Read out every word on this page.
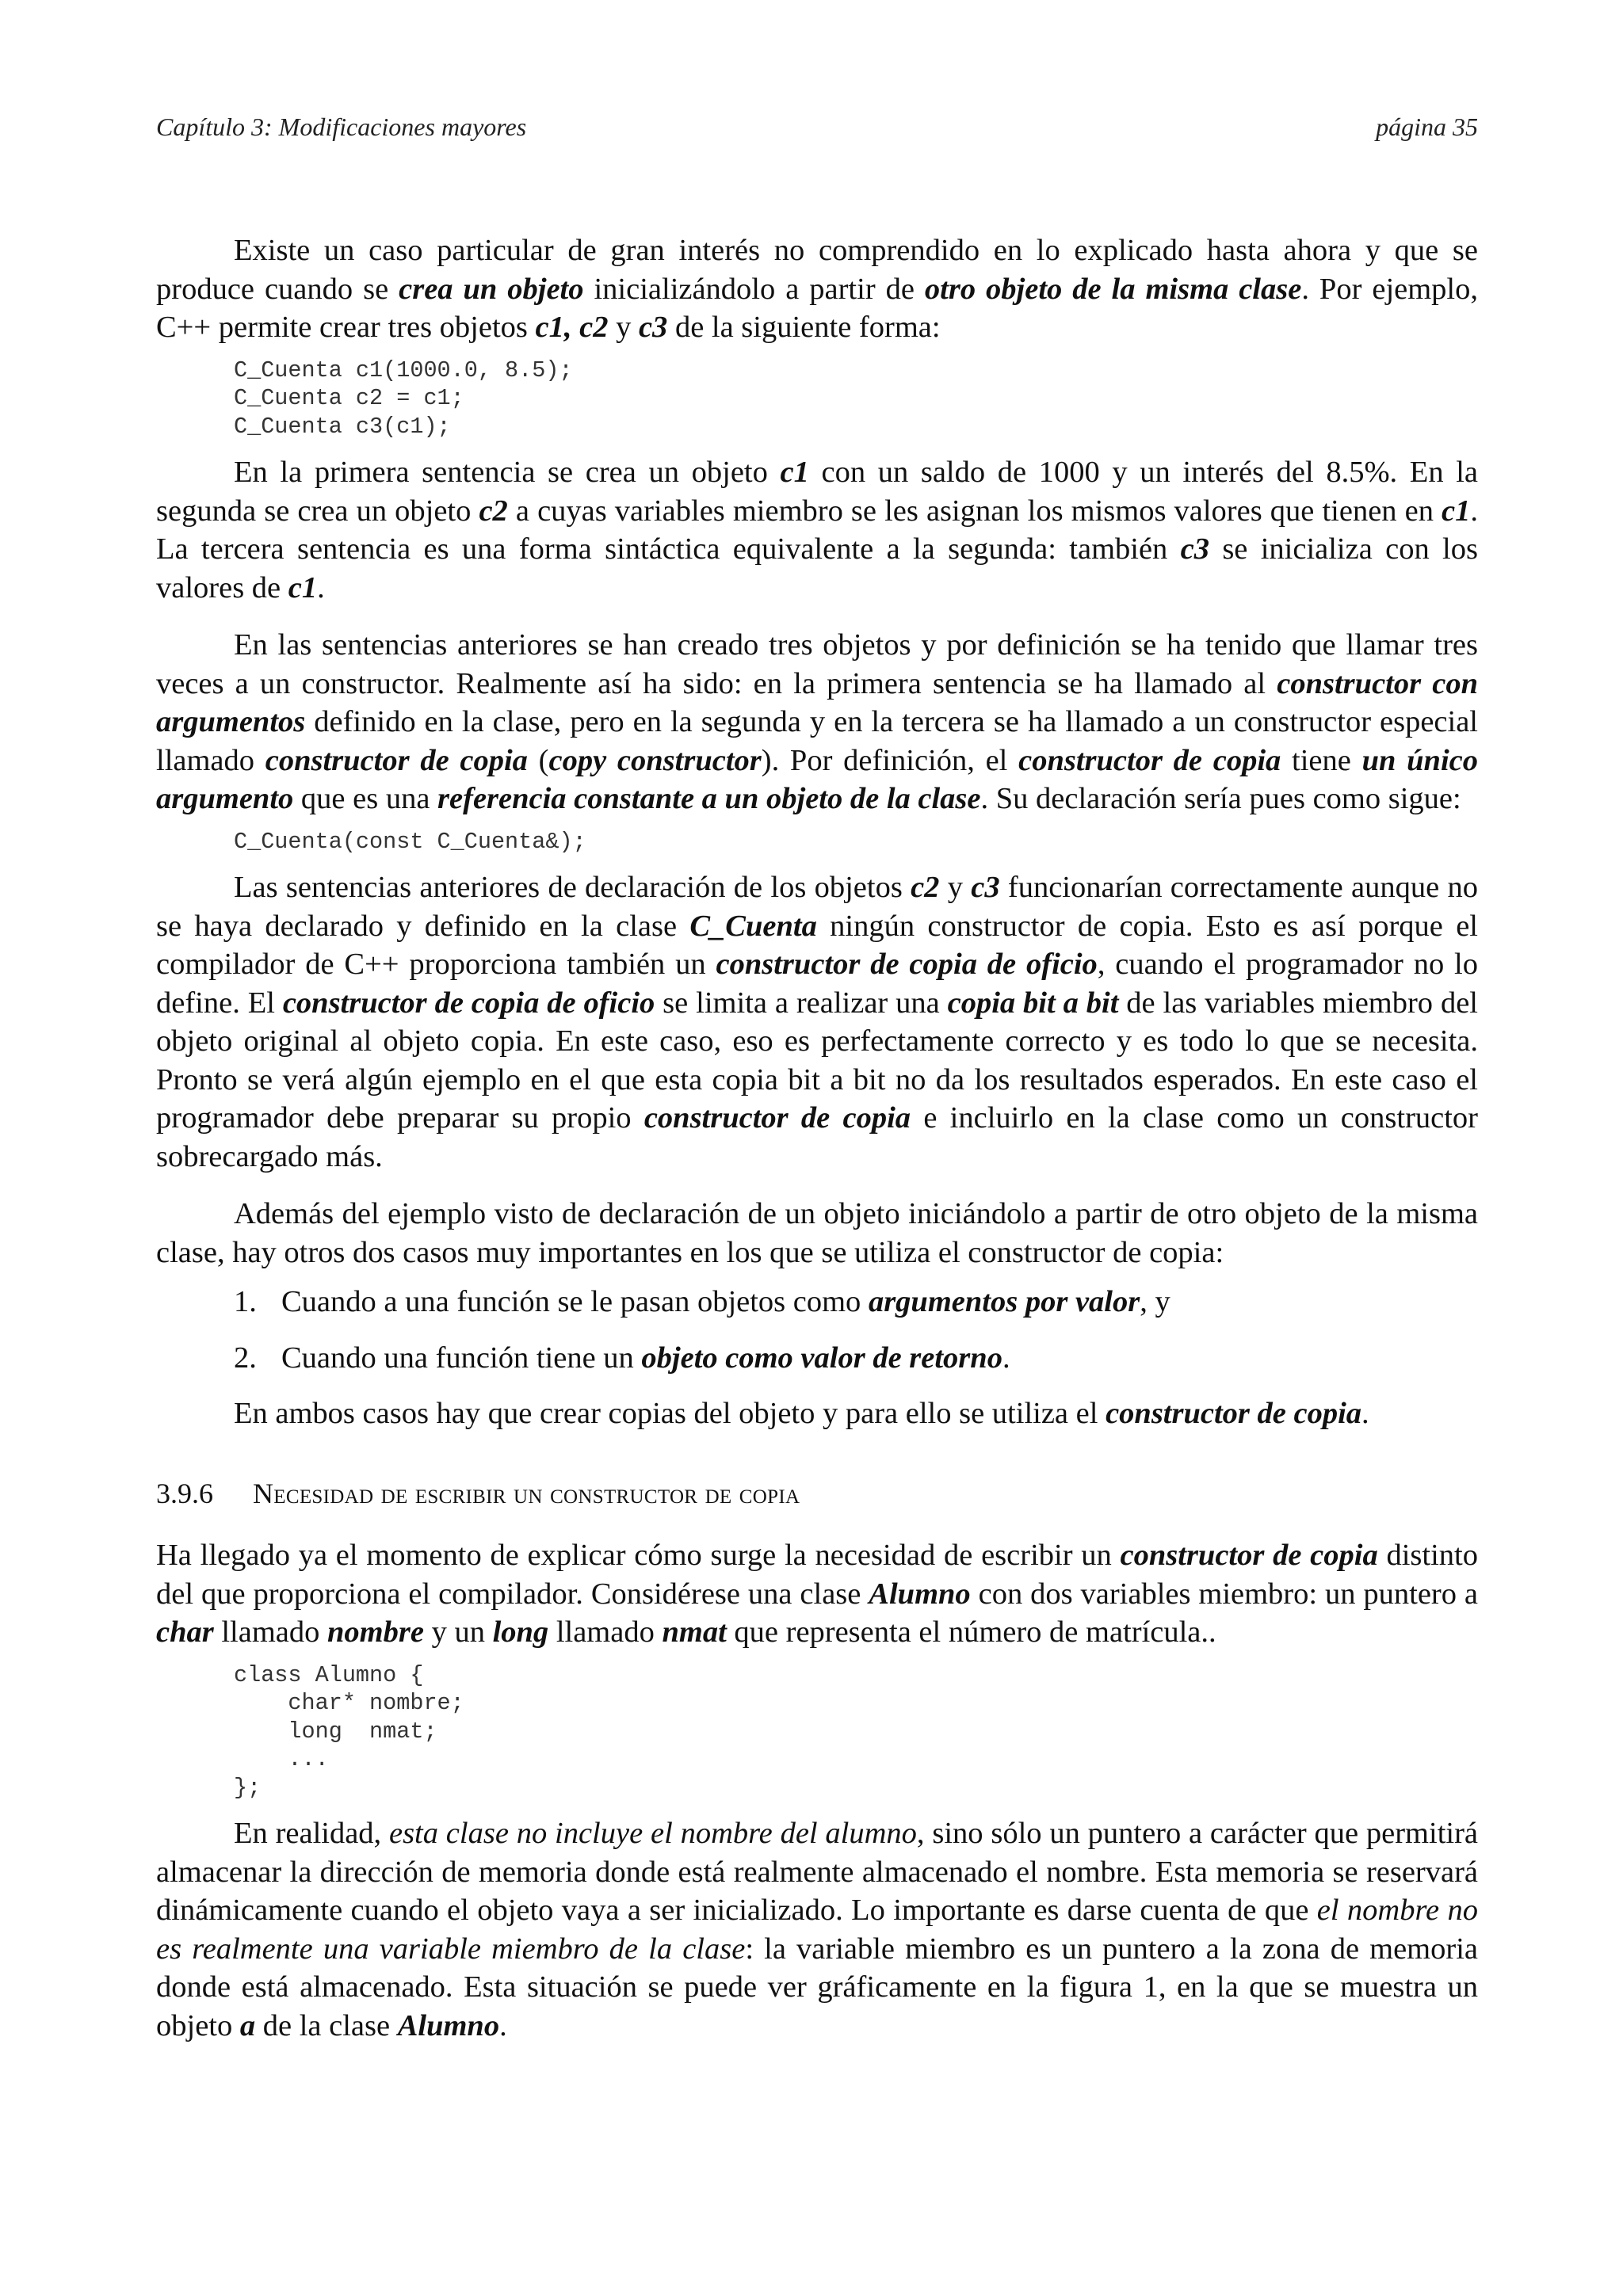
Capítulo 3: Modificaciones mayores	página 35

Existe un caso particular de gran interés no comprendido en lo explicado hasta ahora y que se produce cuando se crea un objeto inicializándolo a partir de otro objeto de la misma clase. Por ejemplo, C++ permite crear tres objetos c1, c2 y c3 de la siguiente forma:

C_Cuenta c1(1000.0, 8.5);
C_Cuenta c2 = c1;
C_Cuenta c3(c1);

En la primera sentencia se crea un objeto c1 con un saldo de 1000 y un interés del 8.5%. En la segunda se crea un objeto c2 a cuyas variables miembro se les asignan los mismos valores que tienen en c1. La tercera sentencia es una forma sintáctica equivalente a la segunda: también c3 se inicializa con los valores de c1.

En las sentencias anteriores se han creado tres objetos y por definición se ha tenido que llamar tres veces a un constructor. Realmente así ha sido: en la primera sentencia se ha llamado al constructor con argumentos definido en la clase, pero en la segunda y en la tercera se ha llamado a un constructor especial llamado constructor de copia (copy constructor). Por definición, el constructor de copia tiene un único argumento que es una referencia constante a un objeto de la clase. Su declaración sería pues como sigue:

C_Cuenta(const C_Cuenta&);

Las sentencias anteriores de declaración de los objetos c2 y c3 funcionarían correctamente aunque no se haya declarado y definido en la clase C_Cuenta ningún constructor de copia. Esto es así porque el compilador de C++ proporciona también un constructor de copia de oficio, cuando el programador no lo define. El constructor de copia de oficio se limita a realizar una copia bit a bit de las variables miembro del objeto original al objeto copia. En este caso, eso es perfectamente correcto y es todo lo que se necesita. Pronto se verá algún ejemplo en el que esta copia bit a bit no da los resultados esperados. En este caso el programador debe preparar su propio constructor de copia e incluirlo en la clase como un constructor sobrecargado más.

Además del ejemplo visto de declaración de un objeto iniciándolo a partir de otro objeto de la misma clase, hay otros dos casos muy importantes en los que se utiliza el constructor de copia:

1. Cuando a una función se le pasan objetos como argumentos por valor, y
2. Cuando una función tiene un objeto como valor de retorno.

En ambos casos hay que crear copias del objeto y para ello se utiliza el constructor de copia.

3.9.6	Necesidad de escribir un constructor de copia

Ha llegado ya el momento de explicar cómo surge la necesidad de escribir un constructor de copia distinto del que proporciona el compilador. Considérese una clase Alumno con dos variables miembro: un puntero a char llamado nombre y un long llamado nmat que representa el número de matrícula..

class Alumno {
char* nombre;
long  nmat;
...
};

En realidad, esta clase no incluye el nombre del alumno, sino sólo un puntero a carácter que permitirá almacenar la dirección de memoria donde está realmente almacenado el nombre. Esta memoria se reservará dinámicamente cuando el objeto vaya a ser inicializado. Lo importante es darse cuenta de que el nombre no es realmente una variable miembro de la clase: la variable miembro es un puntero a la zona de memoria donde está almacenado. Esta situación se puede ver gráficamente en la figura 1, en la que se muestra un objeto a de la clase Alumno.
